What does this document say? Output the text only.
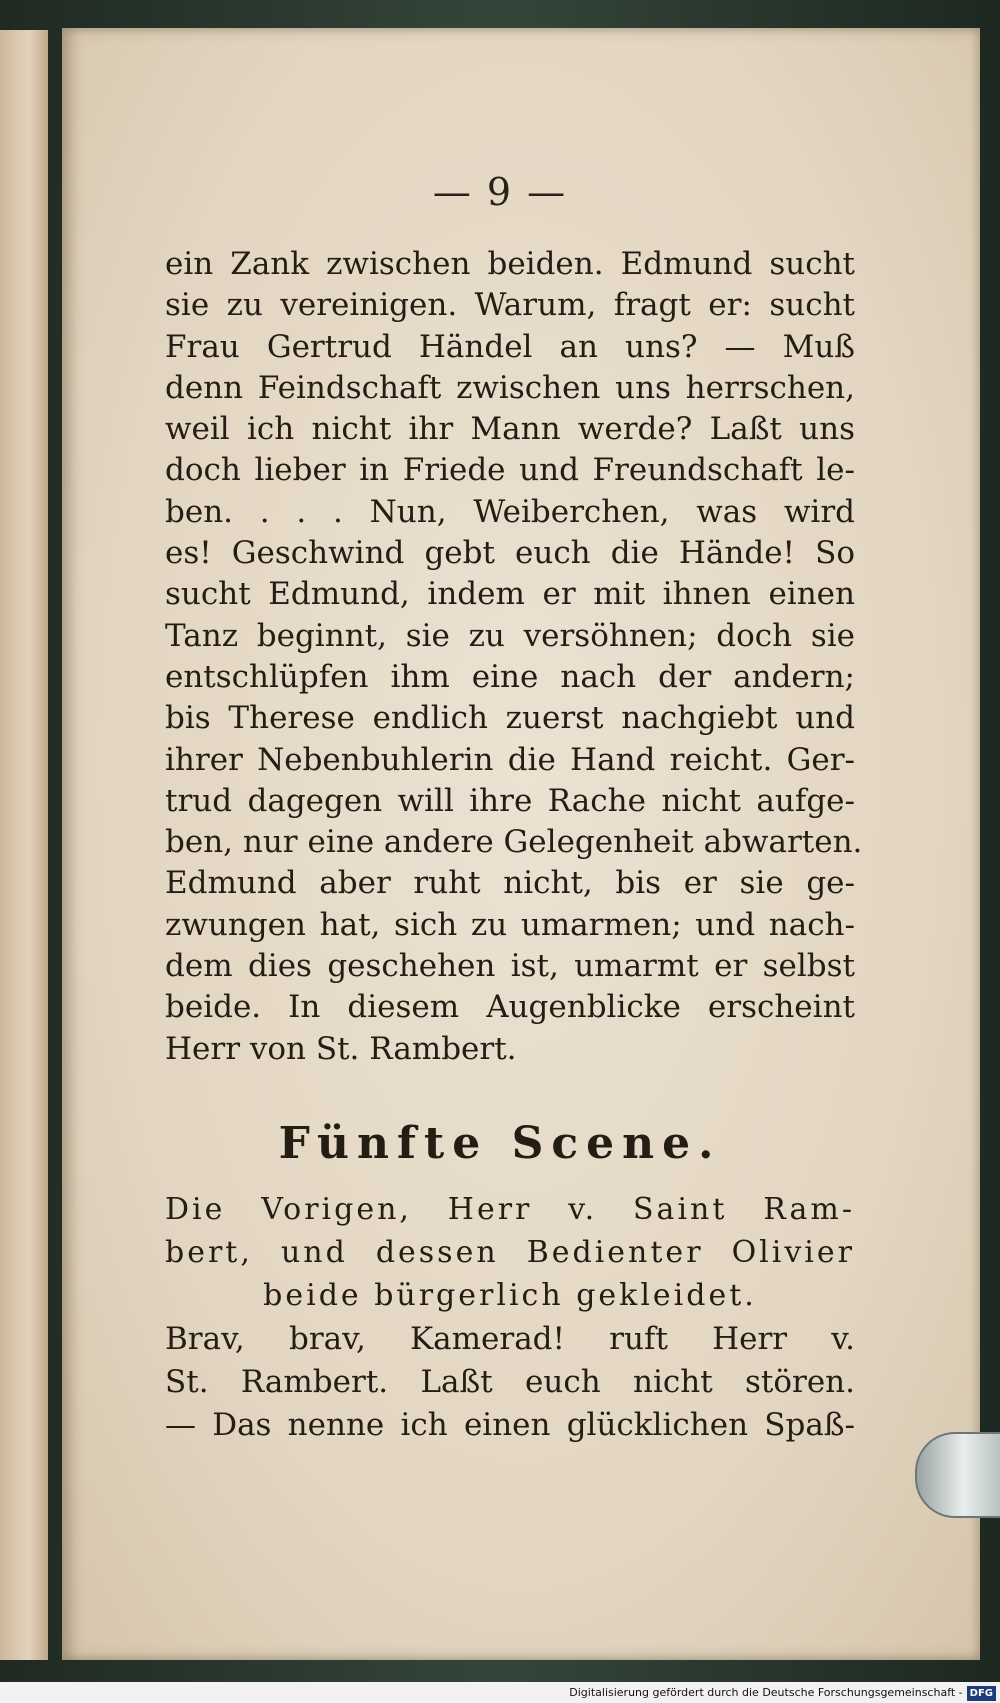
— 9 —
ein Zank zwischen beiden. Edmund sucht
sie zu vereinigen. Warum, fragt er: sucht
Frau Gertrud Händel an uns? — Muß
denn Feindschaft zwischen uns herrschen,
weil ich nicht ihr Mann werde? Laßt uns
doch lieber in Friede und Freundschaft le-
ben. . . . Nun, Weiberchen, was wird
es! Geschwind gebt euch die Hände! So
sucht Edmund, indem er mit ihnen einen
Tanz beginnt, sie zu versöhnen; doch sie
entschlüpfen ihm eine nach der andern;
bis Therese endlich zuerst nachgiebt und
ihrer Nebenbuhlerin die Hand reicht. Ger-
trud dagegen will ihre Rache nicht aufge-
ben, nur eine andere Gelegenheit abwarten.
Edmund aber ruht nicht, bis er sie ge-
zwungen hat, sich zu umarmen; und nach-
dem dies geschehen ist, umarmt er selbst
beide. In diesem Augenblicke erscheint
Herr von St. Rambert.
Fünfte Scene.
Die Vorigen, Herr v. Saint Ram-
bert, und dessen Bedienter Olivier
beide bürgerlich gekleidet.
Brav, brav, Kamerad! ruft Herr v.
St. Rambert. Laßt euch nicht stören.
— Das nenne ich einen glücklichen Spaß-
Digitalisierung gefördert durch die Deutsche Forschungsgemeinschaft - DFG
